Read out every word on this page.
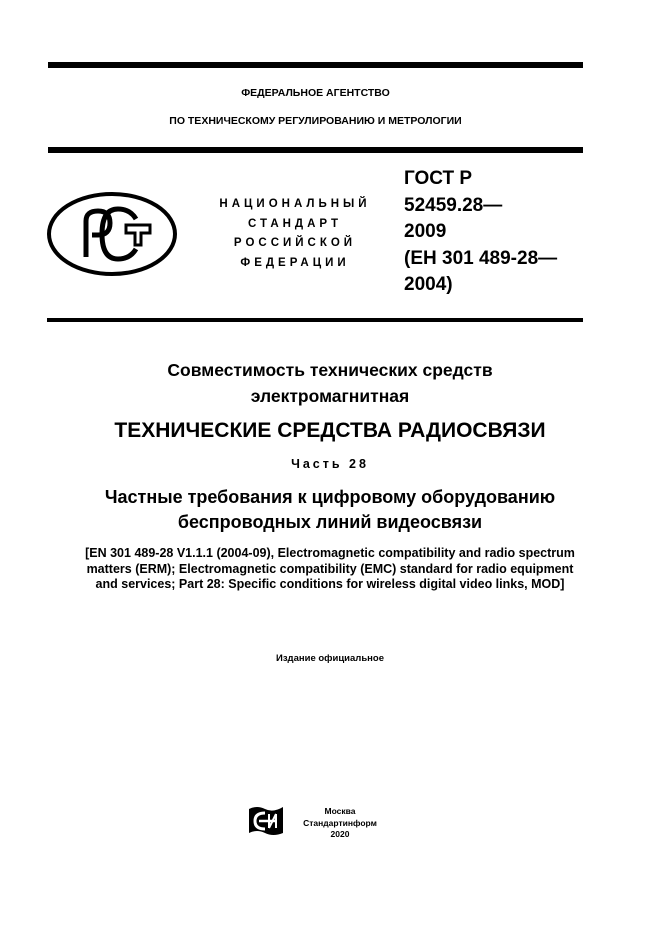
ФЕДЕРАЛЬНОЕ АГЕНТСТВО
ПО ТЕХНИЧЕСКОМУ РЕГУЛИРОВАНИЮ И МЕТРОЛОГИИ
НАЦИОНАЛЬНЫЙ
СТАНДАРТ
РОССИЙСКОЙ
ФЕДЕРАЦИИ
ГОСТ Р
52459.28—
2009
(ЕН 301 489-28—
2004)
Совместимость технических средств
электромагнитная
ТЕХНИЧЕСКИЕ СРЕДСТВА РАДИОСВЯЗИ
Часть 28
Частные требования к цифровому оборудованию
беспроводных линий видеосвязи
[EN 301 489-28 V1.1.1 (2004-09), Electromagnetic compatibility and radio spectrum
matters (ERM); Electromagnetic compatibility (EMC) standard for radio equipment
and services; Part 28: Specific conditions for wireless digital video links, MOD]
Издание официальное
Москва
Стандартинформ
2020
